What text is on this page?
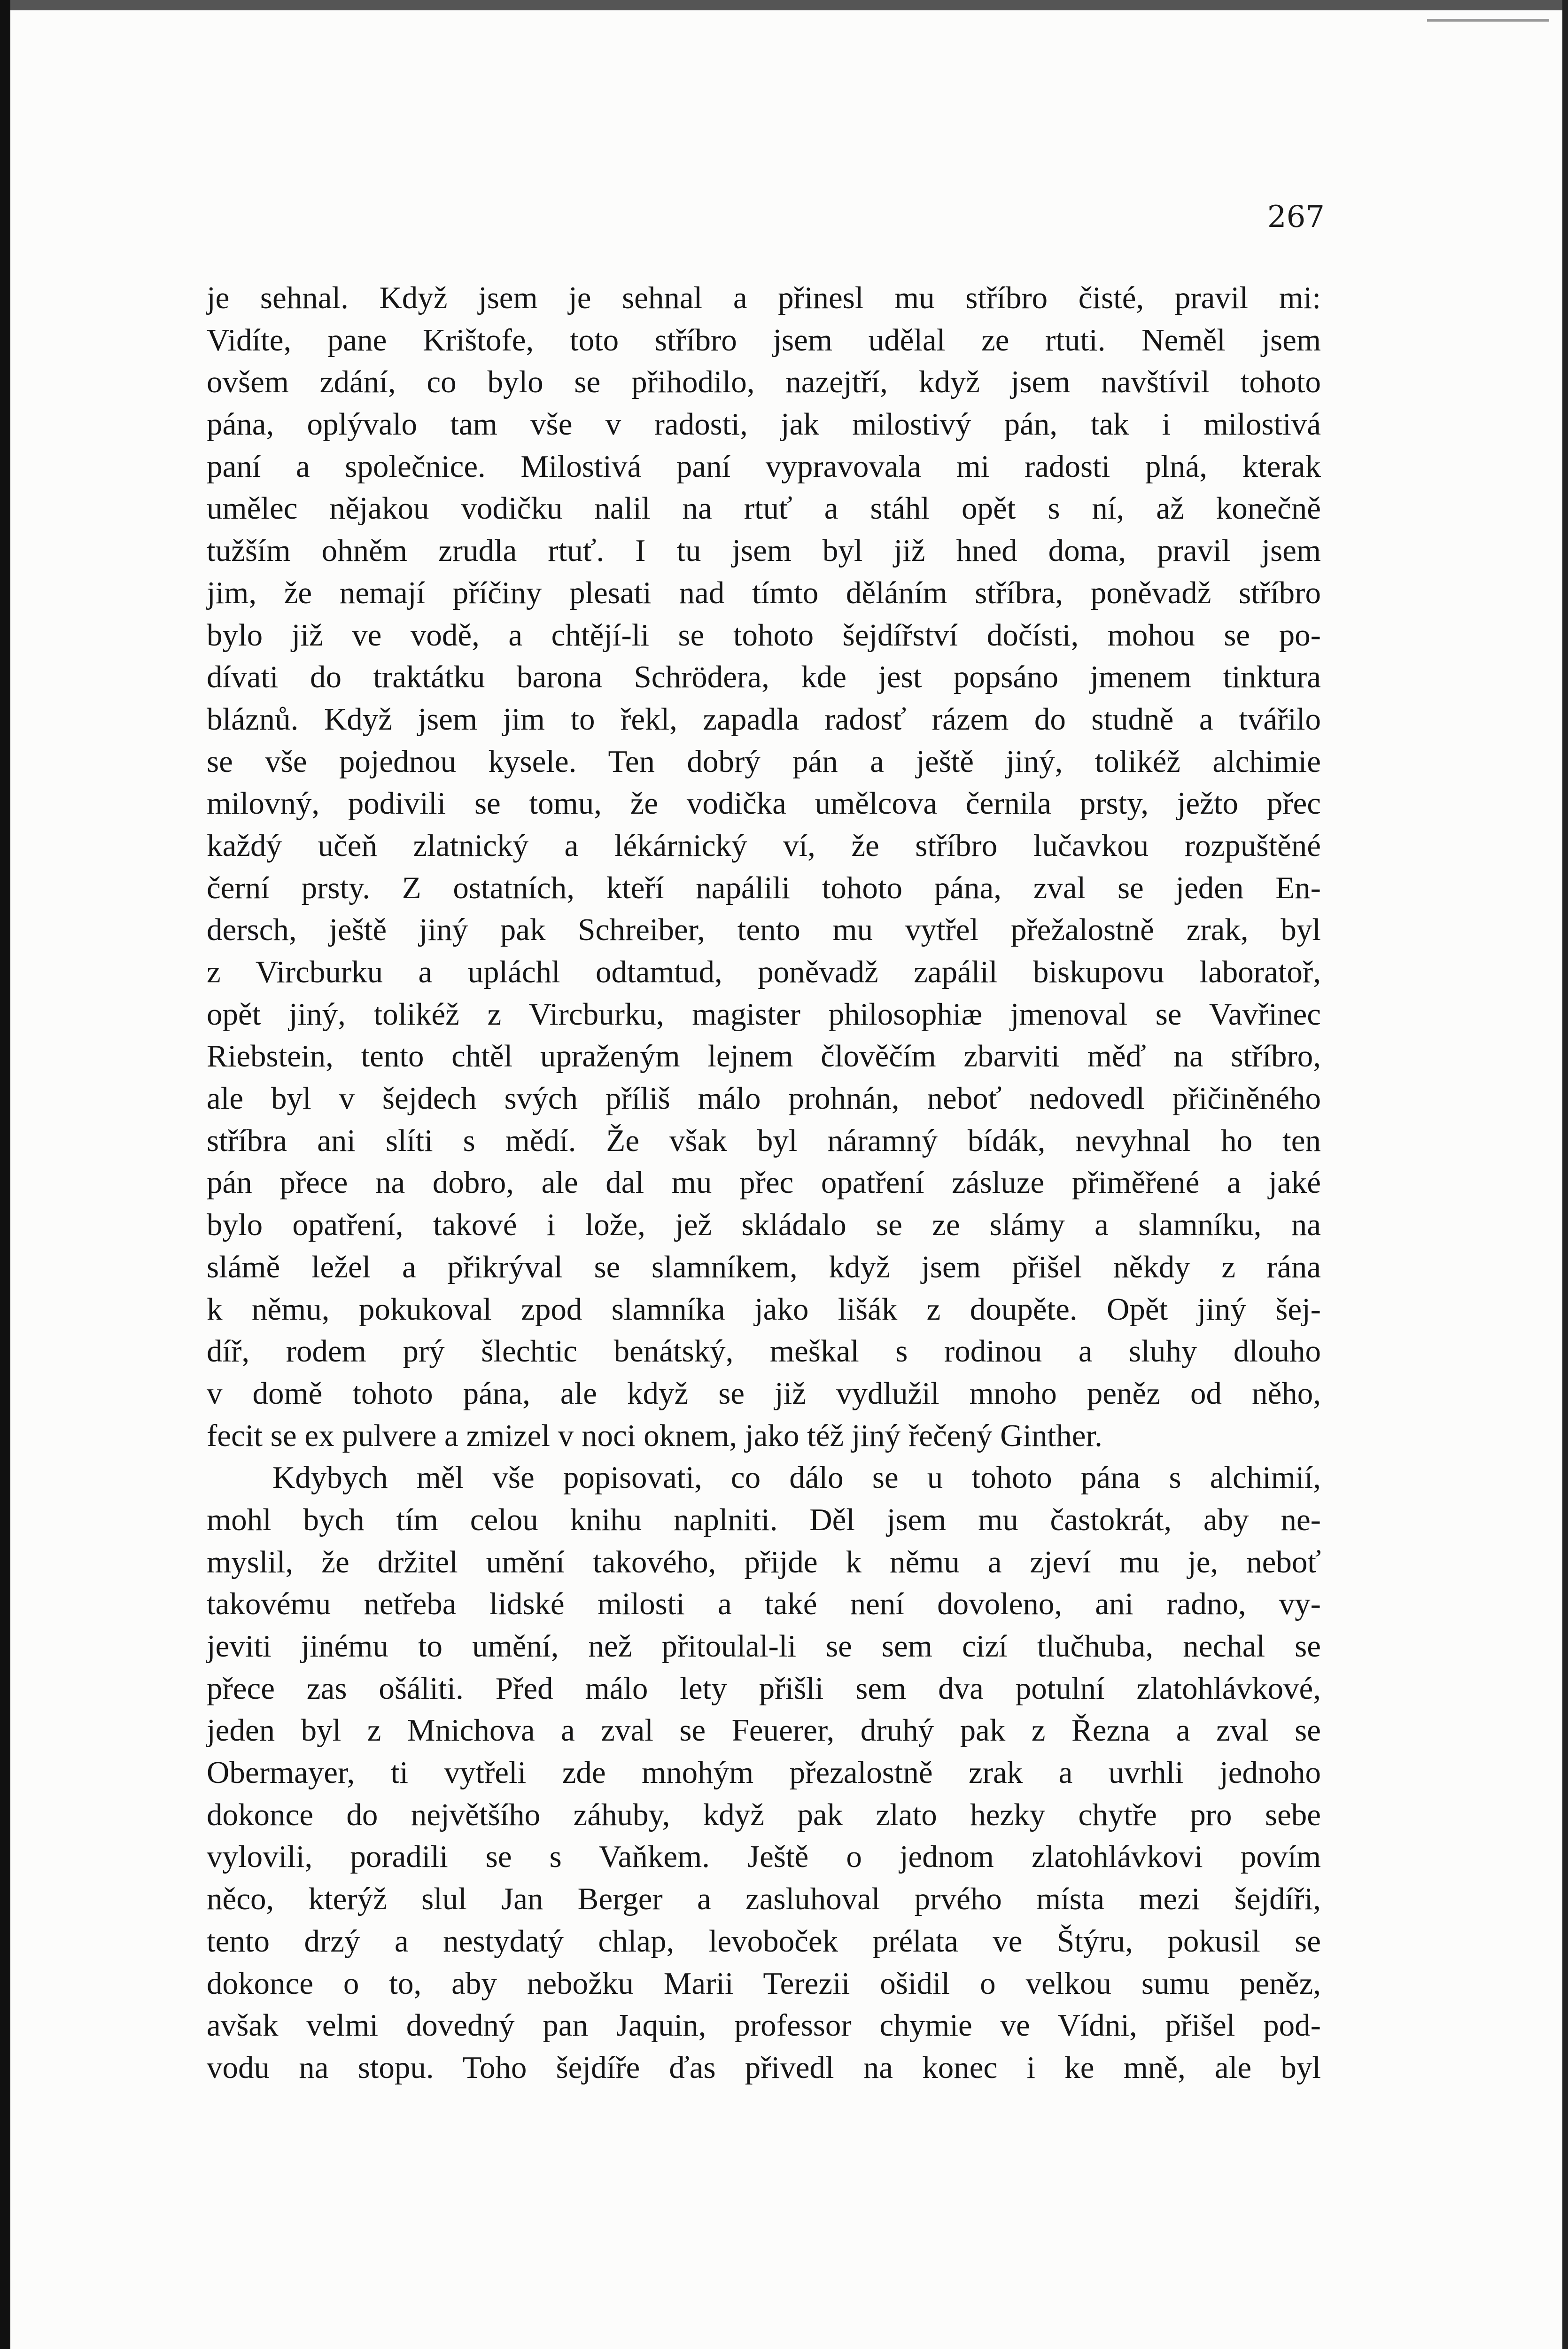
267
je sehnal. Když jsem je sehnal a přinesl mu stříbro čisté, pravil mi:
Vidíte, pane Krištofe, toto stříbro jsem udělal ze rtuti. Neměl jsem
ovšem zdání, co bylo se přihodilo, nazejtří, když jsem navštívil tohoto
pána, oplývalo tam vše v radosti, jak milostivý pán, tak i milostivá
paní a společnice. Milostivá paní vypravovala mi radosti plná, kterak
umělec nějakou vodičku nalil na rtuť a stáhl opět s ní, až konečně
tužším ohněm zrudla rtuť. I tu jsem byl již hned doma, pravil jsem
jim, že nemají příčiny plesati nad tímto děláním stříbra, poněvadž stříbro
bylo již ve vodě, a chtějí-li se tohoto šejdířství dočísti, mohou se po-
dívati do traktátku barona Schrödera, kde jest popsáno jmenem tinktura
bláznů. Když jsem jim to řekl, zapadla radosť rázem do studně a tvářilo
se vše pojednou kysele. Ten dobrý pán a ještě jiný, tolikéž alchimie
milovný, podivili se tomu, že vodička umělcova černila prsty, ježto přec
každý učeň zlatnický a lékárnický ví, že stříbro lučavkou rozpuštěné
černí prsty. Z ostatních, kteří napálili tohoto pána, zval se jeden En-
dersch, ještě jiný pak Schreiber, tento mu vytřel přežalostně zrak, byl
z Vircburku a upláchl odtamtud, poněvadž zapálil biskupovu laboratoř,
opět jiný, tolikéž z Vircburku, magister philosophiæ jmenoval se Vavřinec
Riebstein, tento chtěl upraženým lejnem člověčím zbarviti měď na stříbro,
ale byl v šejdech svých příliš málo prohnán, neboť nedovedl přičiněného
stříbra ani slíti s mědí. Že však byl náramný bídák, nevyhnal ho ten
pán přece na dobro, ale dal mu přec opatření zásluze přiměřené a jaké
bylo opatření, takové i lože, jež skládalo se ze slámy a slamníku, na
slámě ležel a přikrýval se slamníkem, když jsem přišel někdy z rána
k němu, pokukoval zpod slamníka jako lišák z doupěte. Opět jiný šej-
díř, rodem prý šlechtic benátský, meškal s rodinou a sluhy dlouho
v domě tohoto pána, ale když se již vydlužil mnoho peněz od něho,
fecit se ex pulvere a zmizel v noci oknem, jako též jiný řečený Ginther.
Kdybych měl vše popisovati, co dálo se u tohoto pána s alchimií,
mohl bych tím celou knihu naplniti. Děl jsem mu častokrát, aby ne-
myslil, že držitel umění takového, přijde k němu a zjeví mu je, neboť
takovému netřeba lidské milosti a také není dovoleno, ani radno, vy-
jeviti jinému to umění, než přitoulal-li se sem cizí tlučhuba, nechal se
přece zas ošáliti. Před málo lety přišli sem dva potulní zlatohlávkové,
jeden byl z Mnichova a zval se Feuerer, druhý pak z Řezna a zval se
Obermayer, ti vytřeli zde mnohým přezalostně zrak a uvrhli jednoho
dokonce do největšího záhuby, když pak zlato hezky chytře pro sebe
vylovili, poradili se s Vaňkem. Ještě o jednom zlatohlávkovi povím
něco, kterýž slul Jan Berger a zasluhoval prvého místa mezi šejdíři,
tento drzý a nestydatý chlap, levoboček prélata ve Štýru, pokusil se
dokonce o to, aby nebožku Marii Terezii ošidil o velkou sumu peněz,
avšak velmi dovedný pan Jaquin, professor chymie ve Vídni, přišel pod-
vodu na stopu. Toho šejdíře ďas přivedl na konec i ke mně, ale byl
